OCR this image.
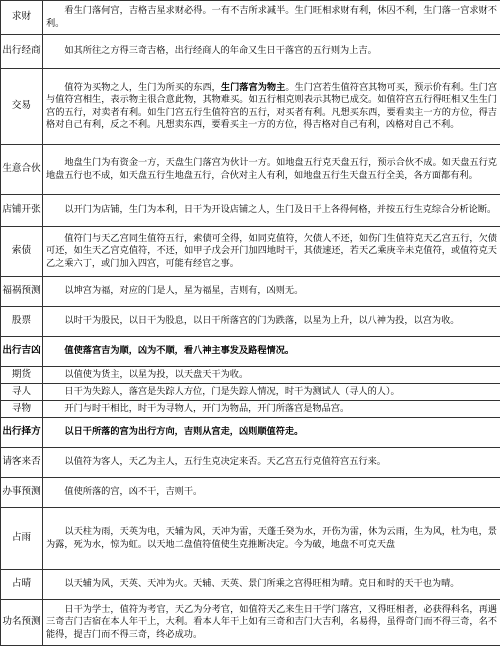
求财	看生门落何宫，吉格吉星求财必得。一有不吉所求减半。生门旺相求财有利，休囚不利，生门落一宫求财不利。
出行经商	如其所往之方得三奇吉格，出行经商人的年命又生日干落宫的五行则为上吉。
交易	值符为买物之人，生门为所买的东西，生门落宫为物主。生门宫若生值符宫其物可买，预示价有利。生门宫与值符宫相生，表示物主很合意此物，其物难买。如五行相克则表示其物已成交。如值符宫五行得旺相又生生门宫的五行，对卖者有利。如生门宫五行生值符宫的五行，对买者有利。凡想买东西，要看卖主一方的方位，得吉格对自己有利，反之不利。凡想卖东西，要看买主一方的方位，得吉格对自己有利，凶格对自己不利。
生意合伙	地盘生门为有资金一方，天盘生门落宫为伙计一方。如地盘五行克天盘五行，预示合伙不成。如天盘五行克地盘五行也不成，如天盘五行生地盘五行，合伙对主人有利，如地盘五行生天盘五行全美，各方面都有利。
店铺开张	以开门为店铺，生门为本利，日干为开设店铺之人，生门及日干上各得何格，并按五行生克综合分析论断。
索债	值符门与天乙宫同生值符五行，索债可全得，如同克值符，欠债人不还，如伤门生值符克天乙宫五行，欠债可还，如生天乙宫克值符，不还，如甲子戊会开门加四地时干，其债速还，若天乙乘庚辛未克值符，或值符克天乙之乘六丁，或门加入四宫，可能有经官之事。
福祸预测	以坤宫为福，对应的门是人，星为福星，吉则有，凶则无。
股票	以时干为股民，以日干为股息，以日干所落宫的门为跌落，以星为上升，以八神为投，以宫为收。
出行吉凶	值使落宫吉为顺，凶为不顺，看八神主事发及路程情况。
期货	以值使为货主，以星为投，以天盘天干为收。
寻人	日干为失踪人，落宫是失踪人方位，门是失踪人情况，时干为测试人（寻人的人）。
寻物	开门与时干相比，时干为寻物人，开门为物品，开门所落宫是物品宫。
出行择方	以日干所落的宫为出行方向，吉则从宫走，凶则顺值符走。
请客来否	以值符为客人，天乙为主人，五行生克决定来否。天乙宫五行克值符宫五行来。
办事预测	值使所落的宫，凶不干，吉则干。
占雨	以天柱为雨，天英为电，天辅为风，天冲为雷，天蓬壬癸为水，开伤为雷，休为云雨，生为风，杜为电，景为露，死为水，惊为虹。以天地二盘值符值使生克推断决定。今为破，地盘不可克天盘
占晴	以天辅为风，天英、天冲为火。天辅、天英、景门所乘之宫得旺相为晴。克日和时的天干也为晴。
功名预测	日干为学士，值符为考官，天乙为分考官，如值符天乙来生日干学门落宫，又得旺相者，必获得科名，再遇三奇吉门吉宿在本人年干上，大利。看本人年干上如有三奇和吉门大吉利，名易得，虽得奇门而不得三奇，名不能得，提吉门而不得三奇，终必成功。
